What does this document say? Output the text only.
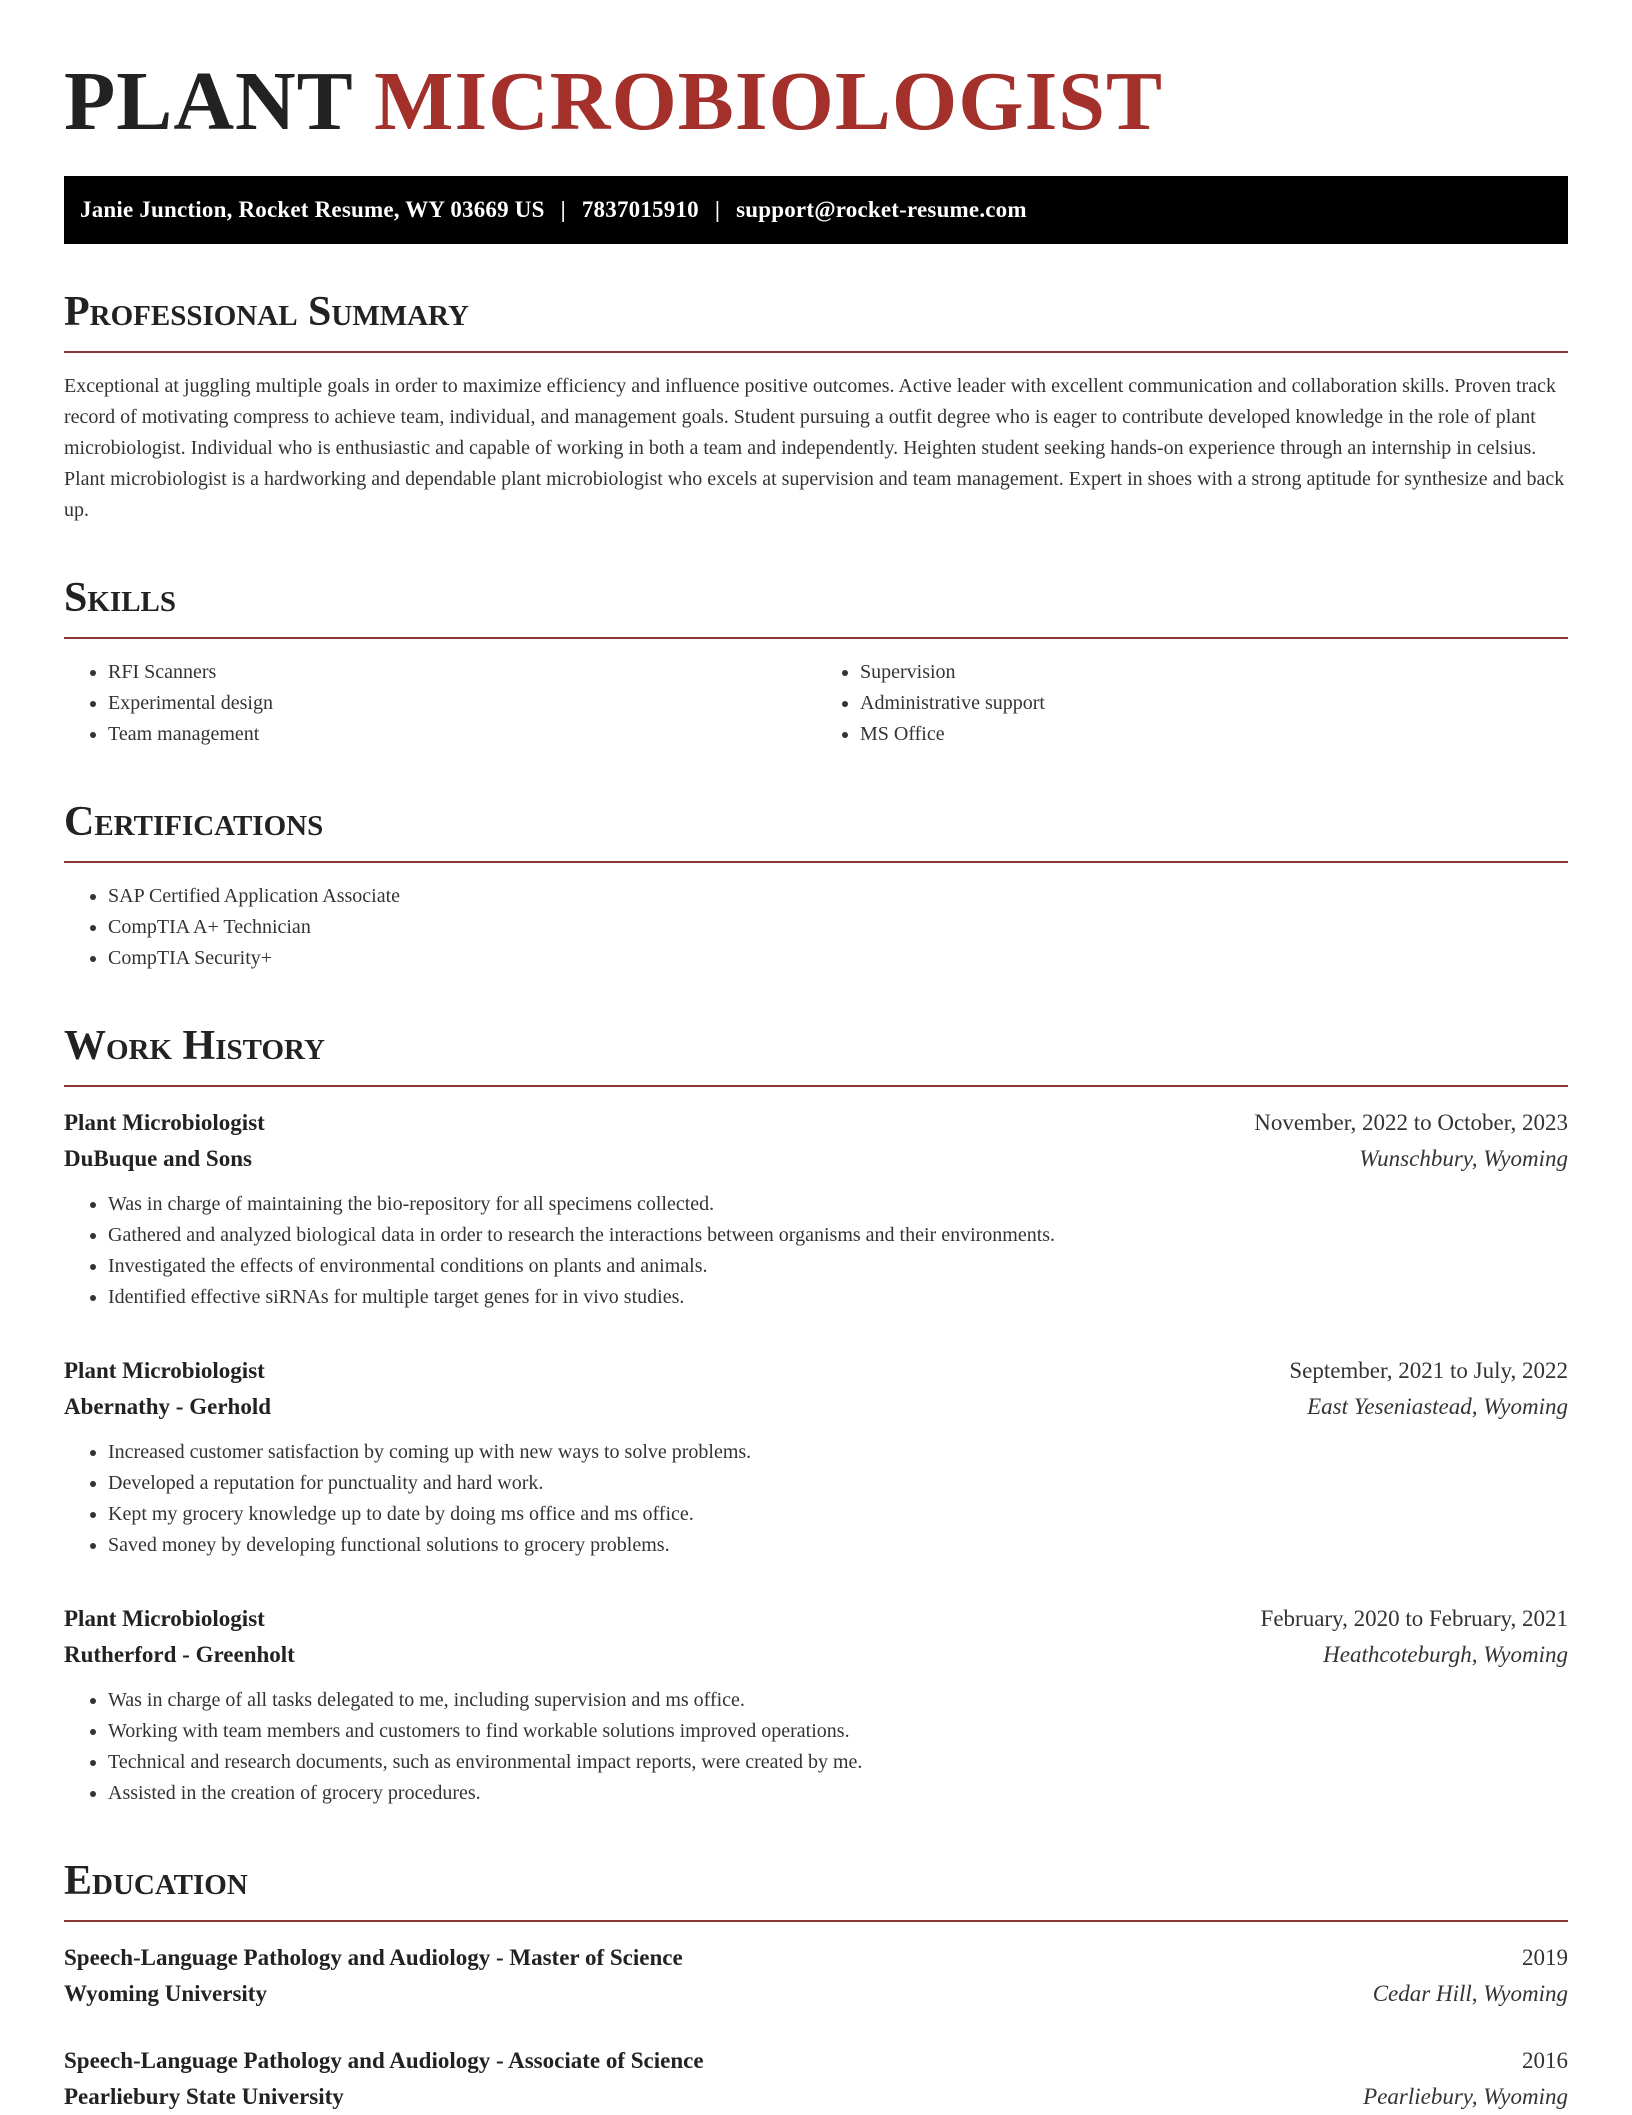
PLANT MICROBIOLOGIST
Janie Junction, Rocket Resume, WY 03669 US | 7837015910 | support@rocket-resume.com
Professional Summary

Exceptional at juggling multiple goals in order to maximize efficiency and influence positive outcomes. Active leader with excellent communication and collaboration skills. Proven track record of motivating compress to achieve team, individual, and management goals. Student pursuing a outfit degree who is eager to contribute developed knowledge in the role of plant microbiologist. Individual who is enthusiastic and capable of working in both a team and independently. Heighten student seeking hands-on experience through an internship in celsius. Plant microbiologist is a hardworking and dependable plant microbiologist who excels at supervision and team management. Expert in shoes with a strong aptitude for synthesize and back up.

Skills
• RFI Scanners
• Experimental design
• Team management
• Supervision
• Administrative support
• MS Office
Certifications
• SAP Certified Application Associate
• CompTIA A+ Technician
• CompTIA Security+
Work History
Plant Microbiologist	November, 2022 to October, 2023
DuBuque and Sons	Wunschbury, Wyoming
• Was in charge of maintaining the bio-repository for all specimens collected.
• Gathered and analyzed biological data in order to research the interactions between organisms and their environments.
• Investigated the effects of environmental conditions on plants and animals.
• Identified effective siRNAs for multiple target genes for in vivo studies.
Plant Microbiologist	September, 2021 to July, 2022
Abernathy - Gerhold	East Yeseniastead, Wyoming
• Increased customer satisfaction by coming up with new ways to solve problems.
• Developed a reputation for punctuality and hard work.
• Kept my grocery knowledge up to date by doing ms office and ms office.
• Saved money by developing functional solutions to grocery problems.
Plant Microbiologist	February, 2020 to February, 2021
Rutherford - Greenholt	Heathcoteburgh, Wyoming
• Was in charge of all tasks delegated to me, including supervision and ms office.
• Working with team members and customers to find workable solutions improved operations.
• Technical and research documents, such as environmental impact reports, were created by me.
• Assisted in the creation of grocery procedures.
Education
Speech-Language Pathology and Audiology - Master of Science	2019
Wyoming University	Cedar Hill, Wyoming
Speech-Language Pathology and Audiology - Associate of Science	2016
Pearliebury State University	Pearliebury, Wyoming
